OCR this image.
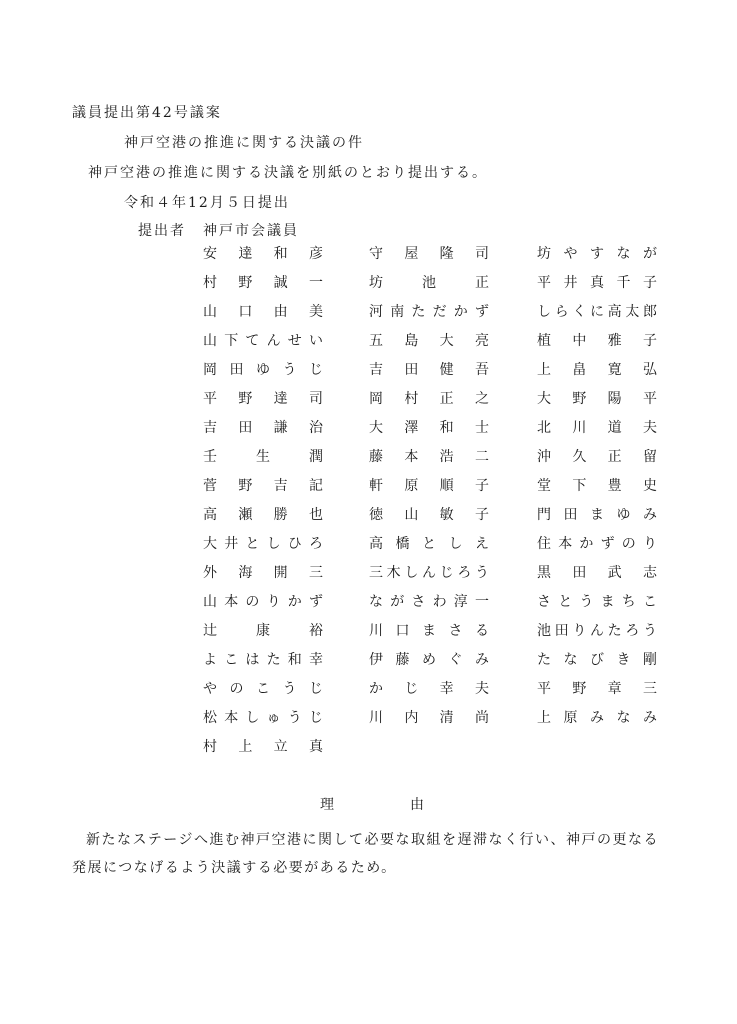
議員提出第42号議案
神戸空港の推進に関する決議の件
神戸空港の推進に関する決議を別紙のとおり提出する。
令和４年12月５日提出
提出者 神戸市会議員
安達和彦
村野誠一
山口由美
山下てんせい
岡田ゆうじ
平野達司
吉田謙治
壬生潤
菅野吉記
高瀬勝也
大井としひろ
外海開三
山本のりかず
辻康裕
よこはた和幸
やのこうじ
松本しゅうじ
村上立真
守屋隆司
坊池正
河南ただかず
五島大亮
吉田健吾
岡村正之
大澤和士
藤本浩二
軒原順子
徳山敏子
高橋としえ
三木しんじろう
ながさわ淳一
川口まさる
伊藤めぐみ
かじ幸夫
川内清尚
坊やすなが
平井真千子
しらくに高太郎
植中雅子
上畠寛弘
大野陽平
北川道夫
沖久正留
堂下豊史
門田まゆみ
住本かずのり
黒田武志
さとうまちこ
池田りんたろう
たなびき剛
平野章三
上原みなみ
理由
新たなステージへ進む神戸空港に関して必要な取組を遅滞なく行い、神戸の更なる発展につなげるよう決議する必要があるため。
